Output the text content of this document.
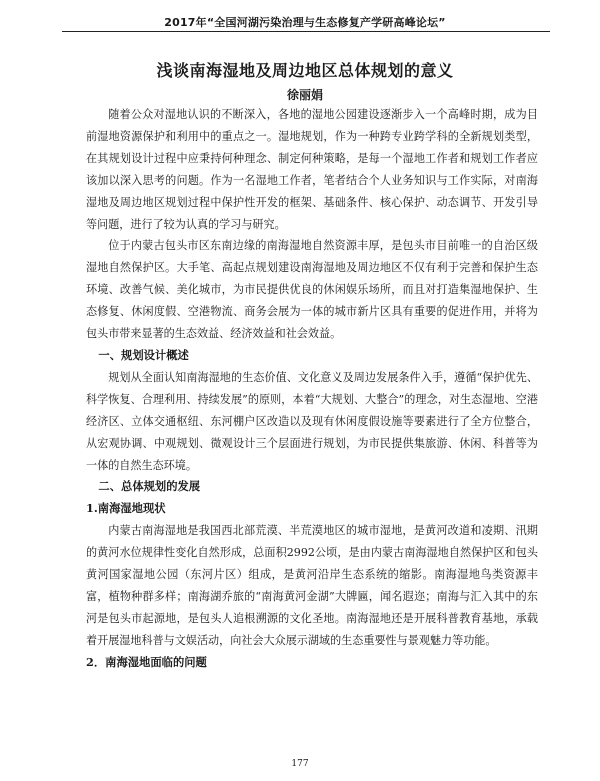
2017年“全国河湖污染治理与生态修复产学研高峰论坛”
浅谈南海湿地及周边地区总体规划的意义
徐丽娟

随着公众对湿地认识的不断深入，各地的湿地公园建设逐渐步入一个高峰时期，成为目前湿地资源保护和利用中的重点之一。湿地规划，作为一种跨专业跨学科的全新规划类型，在其规划设计过程中应秉持何种理念、制定何种策略，是每一个湿地工作者和规划工作者应该加以深入思考的问题。作为一名湿地工作者，笔者结合个人业务知识与工作实际，对南海湿地及周边地区规划过程中保护性开发的框架、基础条件、核心保护、动态调节、开发引导等问题，进行了较为认真的学习与研究。

位于内蒙古包头市区东南边缘的南海湿地自然资源丰厚，是包头市目前唯一的自治区级湿地自然保护区。大手笔、高起点规划建设南海湿地及周边地区不仅有利于完善和保护生态环境、改善气候、美化城市，为市民提供优良的休闲娱乐场所，而且对打造集湿地保护、生态修复、休闲度假、空港物流、商务会展为一体的城市新片区具有重要的促进作用，并将为包头市带来显著的生态效益、经济效益和社会效益。

一、规划设计概述

规划从全面认知南海湿地的生态价值、文化意义及周边发展条件入手，遵循“保护优先、科学恢复、合理利用、持续发展”的原则，本着“大规划、大整合”的理念，对生态湿地、空港经济区、立体交通枢纽、东河棚户区改造以及现有休闲度假设施等要素进行了全方位整合，从宏观协调、中观规划、微观设计三个层面进行规划，为市民提供集旅游、休闲、科普等为一体的自然生态环境。

二、总体规划的发展
1.南海湿地现状

内蒙古南海湿地是我国西北部荒漠、半荒漠地区的城市湿地，是黄河改道和凌期、汛期的黄河水位规律性变化自然形成，总面积2992公顷，是由内蒙古南海湿地自然保护区和包头黄河国家湿地公园（东河片区）组成，是黄河沿岸生态系统的缩影。南海湿地鸟类资源丰富，植物种群多样；南海湖乔旅的“南海黄河金湖”大牌匾，闻名遐迩；南海与汇入其中的东河是包头市起源地，是包头人追根溯源的文化圣地。南海湿地还是开展科普教育基地，承载着开展湿地科普与文娱活动，向社会大众展示湖域的生态重要性与景观魅力等功能。

2．南海湿地面临的问题
177
